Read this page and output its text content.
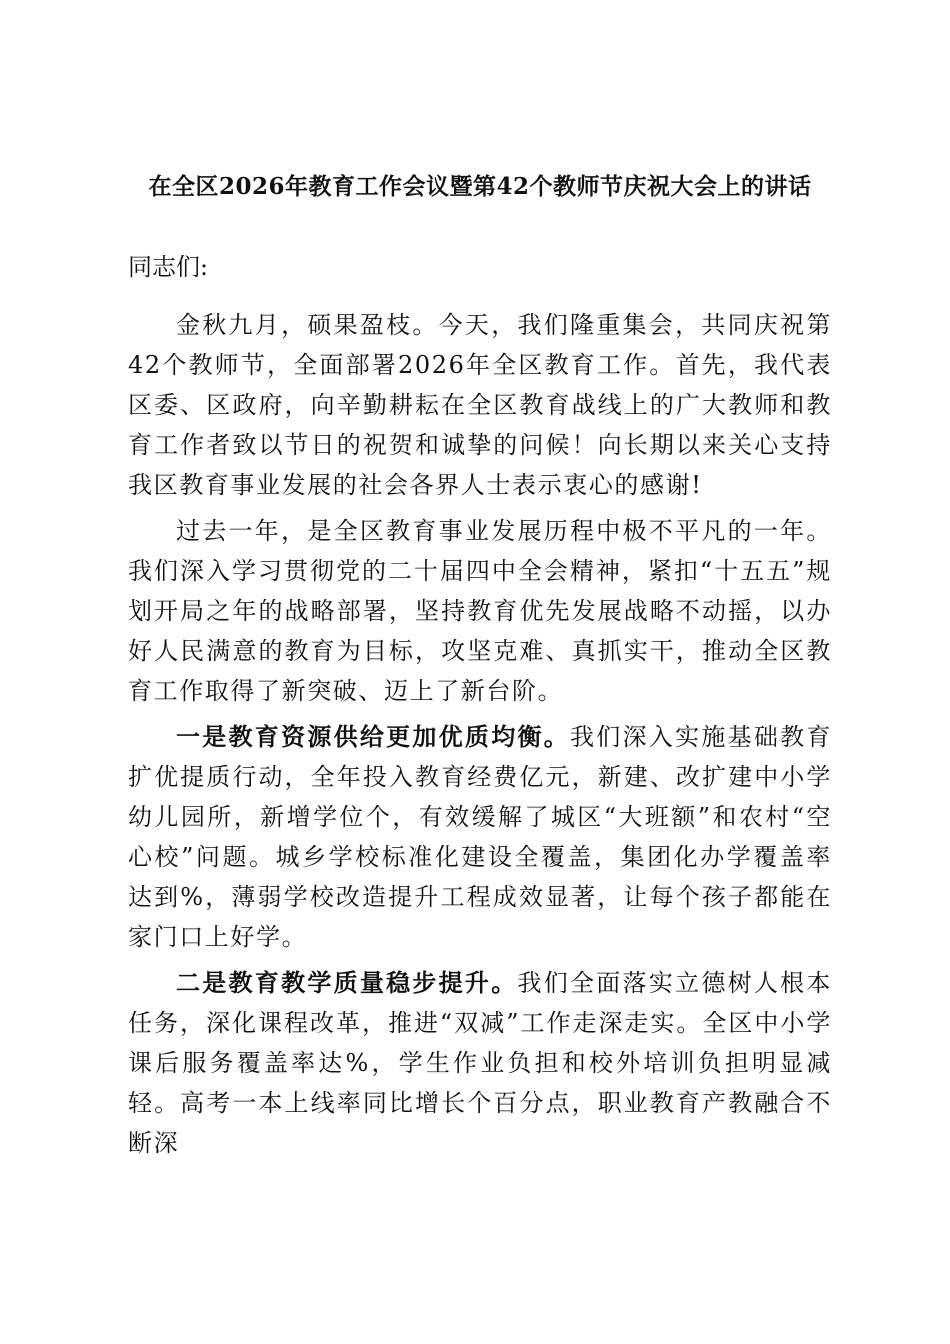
在全区2026年教育工作会议暨第42个教师节庆祝大会上的讲话

同志们:

金秋九月，硕果盈枝。今天，我们隆重集会，共同庆祝第42个教师节，全面部署2026年全区教育工作。首先，我代表区委、区政府，向辛勤耕耘在全区教育战线上的广大教师和教育工作者致以节日的祝贺和诚挚的问候！向长期以来关心支持我区教育事业发展的社会各界人士表示衷心的感谢!

过去一年，是全区教育事业发展历程中极不平凡的一年。我们深入学习贯彻党的二十届四中全会精神，紧扣“十五五”规划开局之年的战略部署，坚持教育优先发展战略不动摇，以办好人民满意的教育为目标，攻坚克难、真抓实干，推动全区教育工作取得了新突破、迈上了新台阶。

一是教育资源供给更加优质均衡。我们深入实施基础教育扩优提质行动，全年投入教育经费亿元，新建、改扩建中小学幼儿园所，新增学位个，有效缓解了城区“大班额”和农村“空心校”问题。城乡学校标准化建设全覆盖，集团化办学覆盖率达到%，薄弱学校改造提升工程成效显著，让每个孩子都能在家门口上好学。

二是教育教学质量稳步提升。我们全面落实立德树人根本任务，深化课程改革，推进“双减”工作走深走实。全区中小学课后服务覆盖率达%，学生作业负担和校外培训负担明显减轻。高考一本上线率同比增长个百分点，职业教育产教融合不断深
